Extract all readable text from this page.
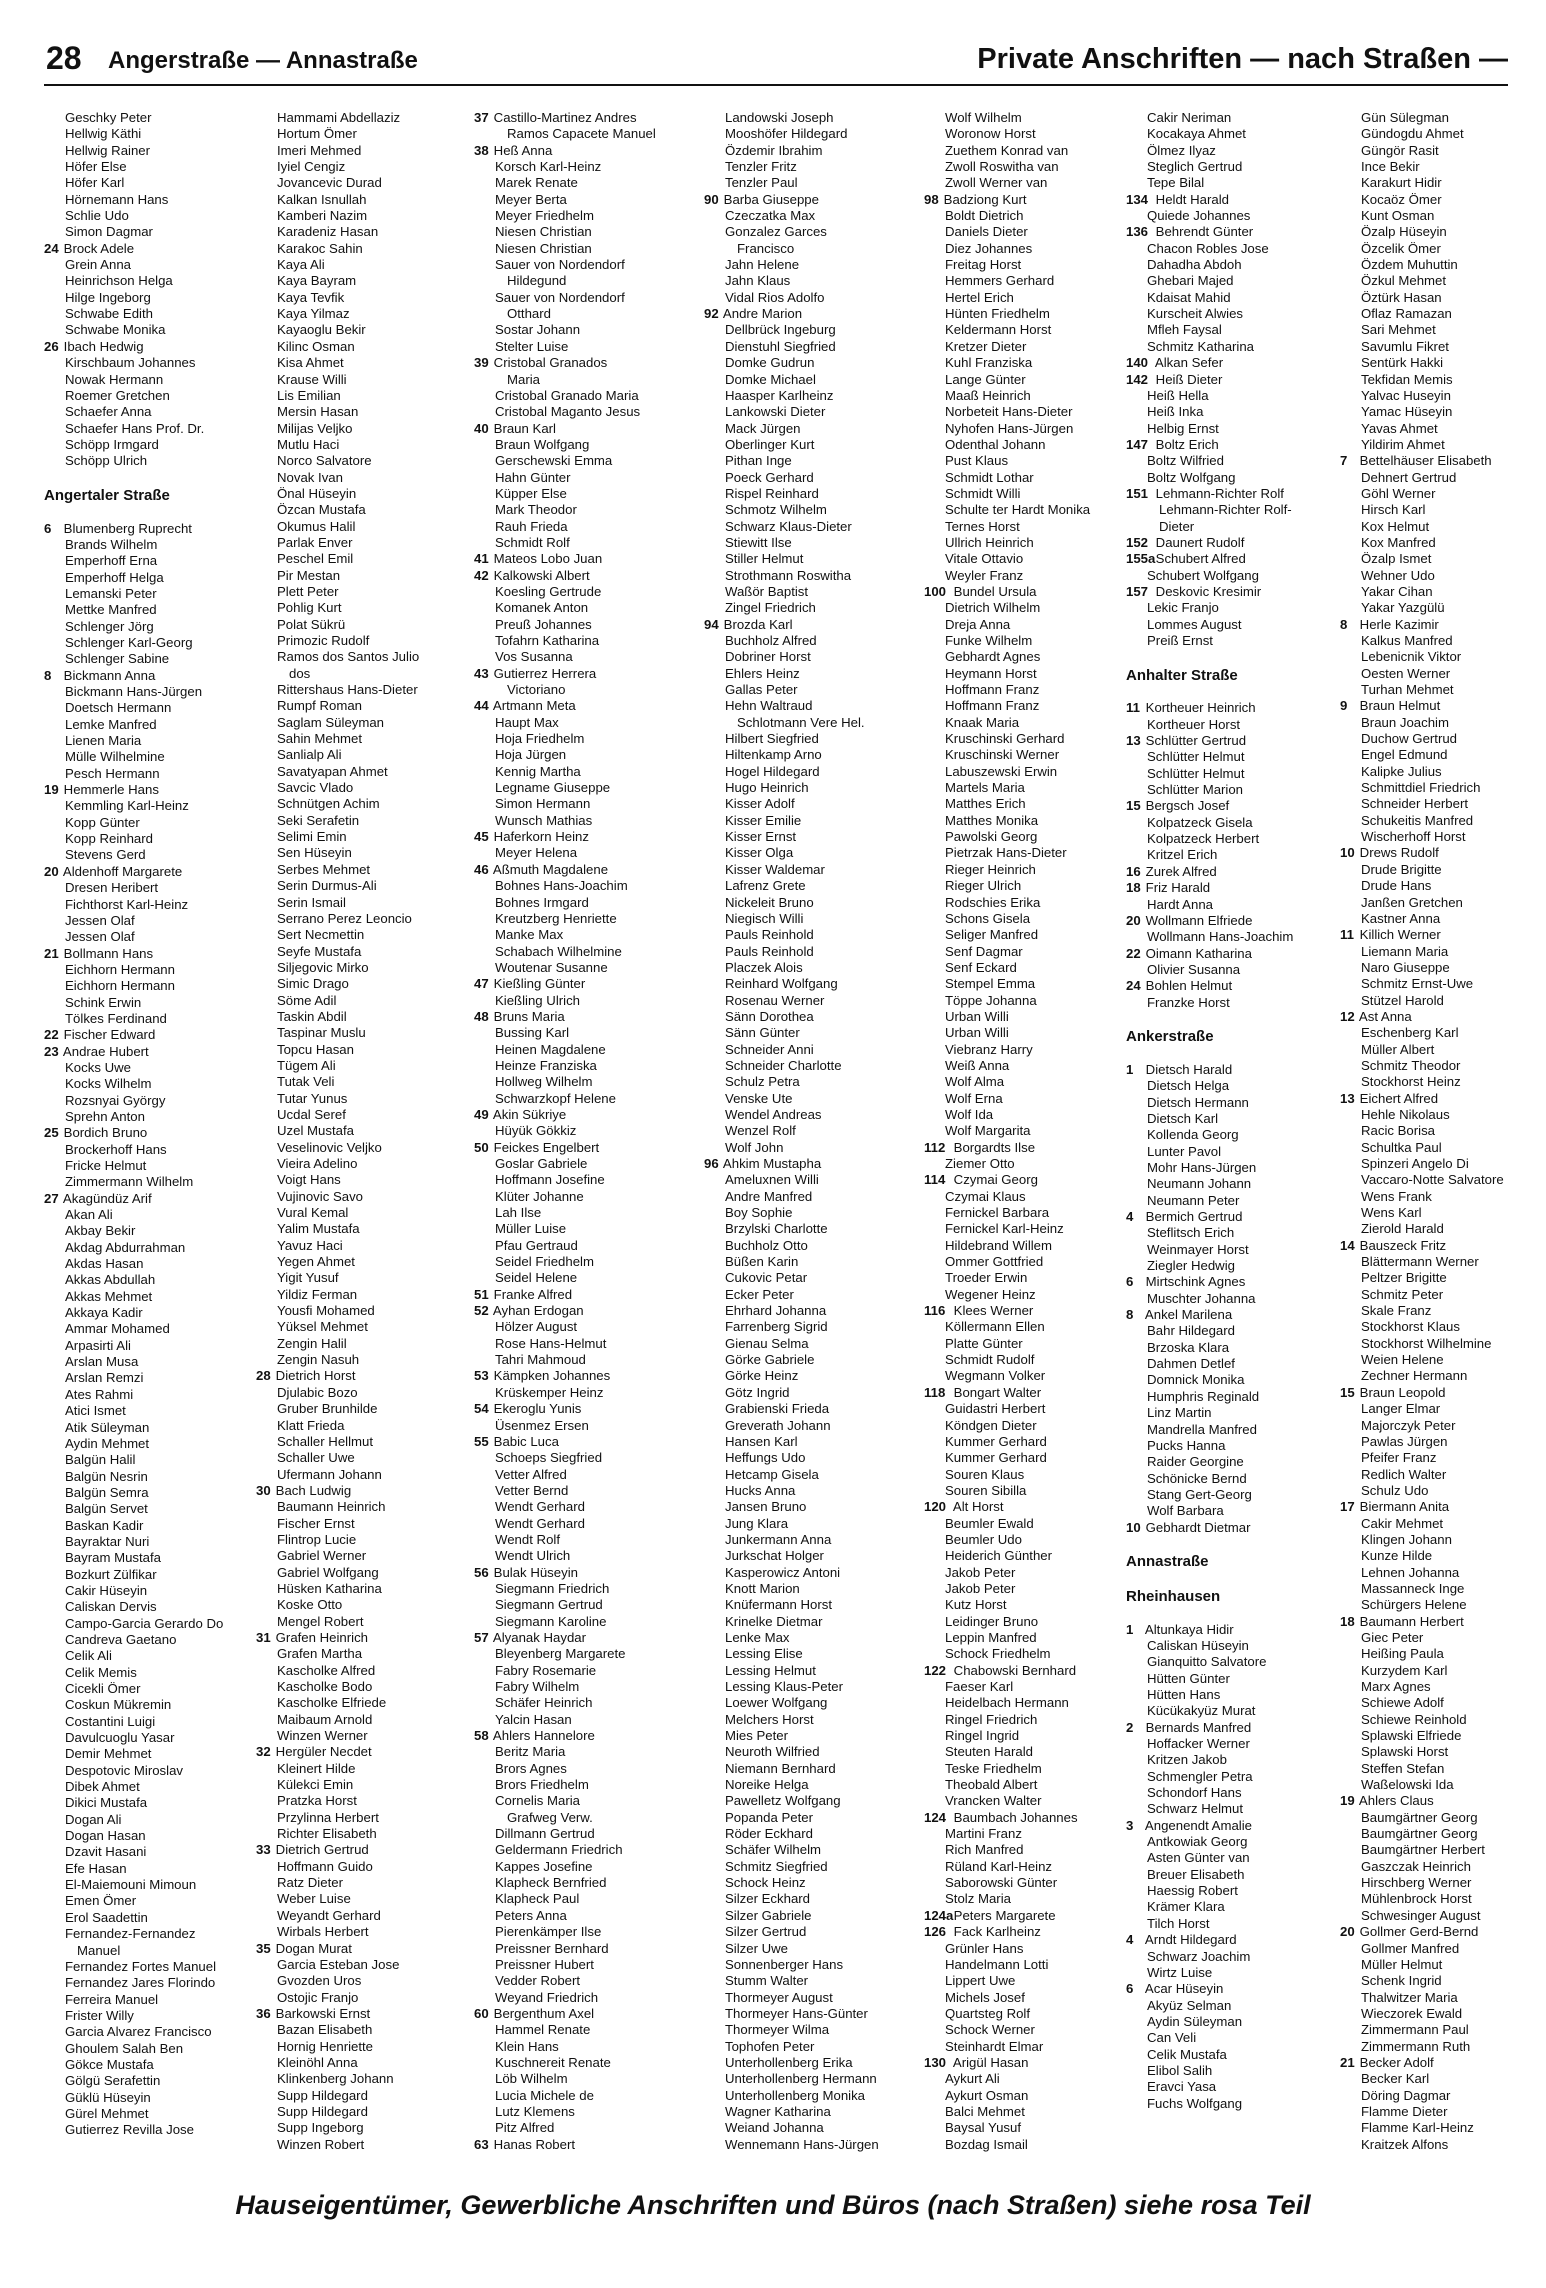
28 Angerstraße — Annastraße	Private Anschriften — nach Straßen —
Geschky Peter
Hellwig Käthi
Hellwig Rainer
Höfer Else
Höfer Karl
Hörnemann Hans
Schlie Udo
Simon Dagmar
24 Brock Adele
Grein Anna
Heinrichson Helga
Hilge Ingeborg
Schwabe Edith
Schwabe Monika
26 Ibach Hedwig
Kirschbaum Johannes
Nowak Hermann
Roemer Gretchen
Schaefer Anna
Schaefer Hans Prof. Dr.
Schöpp Irmgard
Schöpp Ulrich
Angertaler Straße
6 Blumenberg Ruprecht
Brands Wilhelm
Emperhoff Erna
Emperhoff Helga
Lemanski Peter
Mettke Manfred
Schlenger Jörg
Schlenger Karl-Georg
Schlenger Sabine
8 Bickmann Anna
Bickmann Hans-Jürgen
Doetsch Hermann
Lemke Manfred
Lienen Maria
Mülle Wilhelmine
Pesch Hermann
19 Hemmerle Hans
Kemmling Karl-Heinz
Kopp Günter
Kopp Reinhard
Stevens Gerd
20 Aldenhoff Margarete
Dresen Heribert
Fichthorst Karl-Heinz
Jessen Olaf
Jessen Olaf
21 Bollmann Hans
Eichhorn Hermann
Eichhorn Hermann
Schink Erwin
Tölkes Ferdinand
22 Fischer Edward
23 Andrae Hubert
Kocks Uwe
Kocks Wilhelm
Rozsnyai György
Sprehn Anton
25 Bordich Bruno
Brockerhoff Hans
Fricke Helmut
Zimmermann Wilhelm
27 Akagündüz Arif
Akan Ali
Akbay Bekir
Akdag Abdurrahman
Akdas Hasan
Akkas Abdullah
Akkas Mehmet
Akkaya Kadir
Ammar Mohamed
Arpasirti Ali
Arslan Musa
Arslan Remzi
Ates Rahmi
Atici Ismet
Atik Süleyman
Aydin Mehmet
Balgün Halil
Balgün Nesrin
Balgün Semra
Balgün Servet
Baskan Kadir
Bayraktar Nuri
Bayram Mustafa
Bozkurt Zülfikar
Cakir Hüseyin
Caliskan Dervis
Campo-Garcia Gerardo Do
Candreva Gaetano
Celik Ali
Celik Memis
Cicekli Ömer
Coskun Mükremin
Costantini Luigi
Davulcuoglu Yasar
Demir Mehmet
Despotovic Miroslav
Dibek Ahmet
Dikici Mustafa
Dogan Ali
Dogan Hasan
Dzavit Hasani
Efe Hasan
El-Maiemouni Mimoun
Emen Ömer
Erol Saadettin
Fernandez-Fernandez
Manuel
Fernandez Fortes Manuel
Fernandez Jares Florindo
Ferreira Manuel
Frister Willy
Garcia Alvarez Francisco
Ghoulem Salah Ben
Gökce Mustafa
Gölgü Serafettin
Güklü Hüseyin
Gürel Mehmet
Gutierrez Revilla Jose
Hammami Abdellaziz
Hortum Ömer
Imeri Mehmed
Iyiel Cengiz
Jovancevic Durad
Kalkan Isnullah
Kamberi Nazim
Karadeniz Hasan
Karakoc Sahin
Kaya Ali
Kaya Bayram
Kaya Tevfik
Kaya Yilmaz
Kayaoglu Bekir
Kilinc Osman
Kisa Ahmet
Krause Willi
Lis Emilian
Mersin Hasan
Milijas Veljko
Mutlu Haci
Norco Salvatore
Novak Ivan
Önal Hüseyin
Özcan Mustafa
Okumus Halil
Parlak Enver
Peschel Emil
Pir Mestan
Plett Peter
Pohlig Kurt
Polat Sükrü
Primozic Rudolf
Ramos dos Santos Julio
dos
Rittershaus Hans-Dieter
Rumpf Roman
Saglam Süleyman
Sahin Mehmet
Sanlialp Ali
Savatyapan Ahmet
Savcic Vlado
Schnütgen Achim
Seki Serafetin
Selimi Emin
Sen Hüseyin
Serbes Mehmet
Serin Durmus-Ali
Serin Ismail
Serrano Perez Leoncio
Sert Necmettin
Seyfe Mustafa
Siljegovic Mirko
Simic Drago
Söme Adil
Taskin Abdil
Taspinar Muslu
Topcu Hasan
Tügem Ali
Tutak Veli
Tutar Yunus
Ucdal Seref
Uzel Mustafa
Veselinovic Veljko
Vieira Adelino
Voigt Hans
Vujinovic Savo
Vural Kemal
Yalim Mustafa
Yavuz Haci
Yegen Ahmet
Yigit Yusuf
Yildiz Ferman
Yousfi Mohamed
Yüksel Mehmet
Zengin Halil
Zengin Nasuh
28 Dietrich Horst
Djulabic Bozo
Gruber Brunhilde
Klatt Frieda
Schaller Hellmut
Schaller Uwe
Ufermann Johann
30 Bach Ludwig
Baumann Heinrich
Fischer Ernst
Flintrop Lucie
Gabriel Werner
Gabriel Wolfgang
Hüsken Katharina
Koske Otto
Mengel Robert
31 Grafen Heinrich
Grafen Martha
Kascholke Alfred
Kascholke Bodo
Kascholke Elfriede
Maibaum Arnold
Winzen Werner
32 Hergüler Necdet
Kleinert Hilde
Külekci Emin
Pratzka Horst
Przylinna Herbert
Richter Elisabeth
33 Dietrich Gertrud
Hoffmann Guido
Ratz Dieter
Weber Luise
Weyandt Gerhard
Wirbals Herbert
35 Dogan Murat
Garcia Esteban Jose
Gvozden Uros
Ostojic Franjo
36 Barkowski Ernst
Bazan Elisabeth
Hornig Henriette
Kleinöhl Anna
Klinkenberg Johann
Supp Hildegard
Supp Hildegard
Supp Ingeborg
Winzen Robert
37 Castillo-Martinez Andres
Ramos Capacete Manuel
38 Heß Anna
Korsch Karl-Heinz
Marek Renate
Meyer Berta
Meyer Friedhelm
Niesen Christian
Niesen Christian
Sauer von Nordendorf
Hildegund
Sauer von Nordendorf
Otthard
Sostar Johann
Stelter Luise
39 Cristobal Granados
Maria
Cristobal Granado Maria
Cristobal Maganto Jesus
40 Braun Karl
Braun Wolfgang
Gerschewski Emma
Hahn Günter
Küpper Else
Mark Theodor
Rauh Frieda
Schmidt Rolf
41 Mateos Lobo Juan
42 Kalkowski Albert
Koesling Gertrude
Komanek Anton
Preuß Johannes
Tofahrn Katharina
Vos Susanna
43 Gutierrez Herrera
Victoriano
44 Artmann Meta
Haupt Max
Hoja Friedhelm
Hoja Jürgen
Kennig Martha
Legname Giuseppe
Simon Hermann
Wunsch Mathias
45 Haferkorn Heinz
Meyer Helena
46 Aßmuth Magdalene
Bohnes Hans-Joachim
Bohnes Irmgard
Kreutzberg Henriette
Manke Max
Schabach Wilhelmine
Woutenar Susanne
47 Kießling Günter
Kießling Ulrich
48 Bruns Maria
Bussing Karl
Heinen Magdalene
Heinze Franziska
Hollweg Wilhelm
Schwarzkopf Helene
49 Akin Sükriye
Hüyük Gökkiz
50 Feickes Engelbert
Goslar Gabriele
Hoffmann Josefine
Klüter Johanne
Lah Ilse
Müller Luise
Pfau Gertraud
Seidel Friedhelm
Seidel Helene
51 Franke Alfred
52 Ayhan Erdogan
Hölzer August
Rose Hans-Helmut
Tahri Mahmoud
53 Kämpken Johannes
Krüskemper Heinz
54 Ekeroglu Yunis
Üsenmez Ersen
55 Babic Luca
Schoeps Siegfried
Vetter Alfred
Vetter Bernd
Wendt Gerhard
Wendt Gerhard
Wendt Rolf
Wendt Ulrich
56 Bulak Hüseyin
Siegmann Friedrich
Siegmann Gertrud
Siegmann Karoline
57 Alyanak Haydar
Bleyenberg Margarete
Fabry Rosemarie
Fabry Wilhelm
Schäfer Heinrich
Yalcin Hasan
58 Ahlers Hannelore
Beritz Maria
Brors Agnes
Brors Friedhelm
Cornelis Maria
Grafweg Verw.
Dillmann Gertrud
Geldermann Friedrich
Kappes Josefine
Klapheck Bernfried
Klapheck Paul
Peters Anna
Pierenkämper Ilse
Preissner Bernhard
Preissner Hubert
Vedder Robert
Weyand Friedrich
60 Bergenthum Axel
Hammel Renate
Klein Hans
Kuschnereit Renate
Löb Wilhelm
Lucia Michele de
Lutz Klemens
Pitz Alfred
63 Hanas Robert
Landowski Joseph
Mooshöfer Hildegard
Özdemir Ibrahim
Tenzler Fritz
Tenzler Paul
90 Barba Giuseppe
Czeczatka Max
Gonzalez Garces
Francisco
Jahn Helene
Jahn Klaus
Vidal Rios Adolfo
92 Andre Marion
Dellbrück Ingeburg
Dienstuhl Siegfried
Domke Gudrun
Domke Michael
Haasper Karlheinz
Lankowski Dieter
Mack Jürgen
Oberlinger Kurt
Pithan Inge
Poeck Gerhard
Rispel Reinhard
Schmotz Wilhelm
Schwarz Klaus-Dieter
Stiewitt Ilse
Stiller Helmut
Strothmann Roswitha
Waßör Baptist
Zingel Friedrich
94 Brozda Karl
Buchholz Alfred
Dobriner Horst
Ehlers Heinz
Gallas Peter
Hehn Waltraud
Schlotmann Vere Hel.
Hilbert Siegfried
Hiltenkamp Arno
Hogel Hildegard
Hugo Heinrich
Kisser Adolf
Kisser Emilie
Kisser Ernst
Kisser Olga
Kisser Waldemar
Lafrenz Grete
Nickeleit Bruno
Niegisch Willi
Pauls Reinhold
Pauls Reinhold
Placzek Alois
Reinhard Wolfgang
Rosenau Werner
Sänn Dorothea
Sänn Günter
Schneider Anni
Schneider Charlotte
Schulz Petra
Venske Ute
Wendel Andreas
Wenzel Rolf
Wolf John
96 Ahkim Mustapha
Ameluxnen Willi
Andre Manfred
Boy Sophie
Brzylski Charlotte
Buchholz Otto
Büßen Karin
Cukovic Petar
Ecker Peter
Ehrhard Johanna
Farrenberg Sigrid
Gienau Selma
Görke Gabriele
Görke Heinz
Götz Ingrid
Grabienski Frieda
Greverath Johann
Hansen Karl
Heffungs Udo
Hetcamp Gisela
Hucks Anna
Jansen Bruno
Jung Klara
Junkermann Anna
Jurkschat Holger
Kasperowicz Antoni
Knott Marion
Knüfermann Horst
Krinelke Dietmar
Lenke Max
Lessing Elise
Lessing Helmut
Lessing Klaus-Peter
Loewer Wolfgang
Melchers Horst
Mies Peter
Neuroth Wilfried
Niemann Bernhard
Noreike Helga
Pawelletz Wolfgang
Popanda Peter
Röder Eckhard
Schäfer Wilhelm
Schmitz Siegfried
Schock Heinz
Silzer Eckhard
Silzer Gabriele
Silzer Gertrud
Silzer Uwe
Sonnenberger Hans
Stumm Walter
Thormeyer August
Thormeyer Hans-Günter
Thormeyer Wilma
Tophofen Peter
Unterhollenberg Erika
Unterhollenberg Hermann
Unterhollenberg Monika
Wagner Katharina
Weiand Johanna
Wennemann Hans-Jürgen
Wolf Wilhelm
Woronow Horst
Zuethem Konrad van
Zwoll Roswitha van
Zwoll Werner van
98 Badziong Kurt
Boldt Dietrich
Daniels Dieter
Diez Johannes
Freitag Horst
Hemmers Gerhard
Hertel Erich
Hünten Friedhelm
Keldermann Horst
Kretzer Dieter
Kuhl Franziska
Lange Günter
Maaß Heinrich
Norbeteit Hans-Dieter
Nyhofen Hans-Jürgen
Odenthal Johann
Pust Klaus
Schmidt Lothar
Schmidt Willi
Schulte ter Hardt Monika
Ternes Horst
Ullrich Heinrich
Vitale Ottavio
Weyler Franz
100 Bundel Ursula
Dietrich Wilhelm
Dreja Anna
Funke Wilhelm
Gebhardt Agnes
Heymann Horst
Hoffmann Franz
Hoffmann Franz
Knaak Maria
Kruschinski Gerhard
Kruschinski Werner
Labuszewski Erwin
Martels Maria
Matthes Erich
Matthes Monika
Pawolski Georg
Pietrzak Hans-Dieter
Rieger Heinrich
Rieger Ulrich
Rodschies Erika
Schons Gisela
Seliger Manfred
Senf Dagmar
Senf Eckard
Stempel Emma
Töppe Johanna
Urban Willi
Urban Willi
Viebranz Harry
Weiß Anna
Wolf Alma
Wolf Erna
Wolf Ida
Wolf Margarita
112 Borgardts Ilse
Ziemer Otto
114 Czymai Georg
Czymai Klaus
Fernickel Barbara
Fernickel Karl-Heinz
Hildebrand Willem
Ommer Gottfried
Troeder Erwin
Wegener Heinz
116 Klees Werner
Köllermann Ellen
Platte Günter
Schmidt Rudolf
Wegmann Volker
118 Bongart Walter
Guidastri Herbert
Köndgen Dieter
Kummer Gerhard
Kummer Gerhard
Souren Klaus
Souren Sibilla
120 Alt Horst
Beumler Ewald
Beumler Udo
Heiderich Günther
Jakob Peter
Jakob Peter
Kutz Horst
Leidinger Bruno
Leppin Manfred
Schock Friedhelm
122 Chabowski Bernhard
Faeser Karl
Heidelbach Hermann
Ringel Friedrich
Ringel Ingrid
Steuten Harald
Teske Friedhelm
Theobald Albert
Vrancken Walter
124 Baumbach Johannes
Martini Franz
Rich Manfred
Rüland Karl-Heinz
Saborowski Günter
Stolz Maria
124a Peters Margarete
126 Fack Karlheinz
Grünler Hans
Handelmann Lotti
Lippert Uwe
Michels Josef
Quartsteg Rolf
Schock Werner
Steinhardt Elmar
130 Arigül Hasan
Aykurt Ali
Aykurt Osman
Balci Mehmet
Baysal Yusuf
Bozdag Ismail
Cakir Neriman
Kocakaya Ahmet
Ölmez Ilyaz
Steglich Gertrud
Tepe Bilal
134 Heldt Harald
Quiede Johannes
136 Behrendt Günter
Chacon Robles Jose
Dahadha Abdoh
Ghebari Majed
Kdaisat Mahid
Kurscheit Alwies
Mfleh Faysal
Schmitz Katharina
140 Alkan Sefer
142 Heiß Dieter
Heiß Hella
Heiß Inka
Helbig Ernst
147 Boltz Erich
Boltz Wilfried
Boltz Wolfgang
151 Lehmann-Richter Rolf
Lehmann-Richter Rolf-
Dieter
152 Daunert Rudolf
155a Schubert Alfred
Schubert Wolfgang
157 Deskovic Kresimir
Lekic Franjo
Lommes August
Preiß Ernst
Anhalter Straße
11 Kortheuer Heinrich
Kortheuer Horst
13 Schlütter Gertrud
Schlütter Helmut
Schlütter Helmut
Schlütter Marion
15 Bergsch Josef
Kolpatzeck Gisela
Kolpatzeck Herbert
Kritzel Erich
16 Zurek Alfred
18 Friz Harald
Hardt Anna
20 Wollmann Elfriede
Wollmann Hans-Joachim
22 Oimann Katharina
Olivier Susanna
24 Bohlen Helmut
Franzke Horst
Ankerstraße
1 Dietsch Harald
Dietsch Helga
Dietsch Hermann
Dietsch Karl
Kollenda Georg
Lunter Pavol
Mohr Hans-Jürgen
Neumann Johann
Neumann Peter
4 Bermich Gertrud
Steflitsch Erich
Weinmayer Horst
Ziegler Hedwig
6 Mirtschink Agnes
Muschter Johanna
8 Ankel Marilena
Bahr Hildegard
Brzoska Klara
Dahmen Detlef
Domnick Monika
Humphris Reginald
Linz Martin
Mandrella Manfred
Pucks Hanna
Raider Georgine
Schönicke Bernd
Stang Gert-Georg
Wolf Barbara
10 Gebhardt Dietmar
Annastraße
Rheinhausen
1 Altunkaya Hidir
Caliskan Hüseyin
Gianquitto Salvatore
Hütten Günter
Hütten Hans
Kücükakyüz Murat
2 Bernards Manfred
Hoffacker Werner
Kritzen Jakob
Schmengler Petra
Schondorf Hans
Schwarz Helmut
3 Angenendt Amalie
Antkowiak Georg
Asten Günter van
Breuer Elisabeth
Haessig Robert
Krämer Klara
Tilch Horst
4 Arndt Hildegard
Schwarz Joachim
Wirtz Luise
6 Acar Hüseyin
Akyüz Selman
Aydin Süleyman
Can Veli
Celik Mustafa
Elibol Salih
Eravci Yasa
Fuchs Wolfgang
Gün Sülegman
Gündogdu Ahmet
Güngör Rasit
Ince Bekir
Karakurt Hidir
Kocaöz Ömer
Kunt Osman
Özalp Hüseyin
Özcelik Ömer
Özdem Muhuttin
Özkul Mehmet
Öztürk Hasan
Oflaz Ramazan
Sari Mehmet
Savumlu Fikret
Sentürk Hakki
Tekfidan Memis
Yalvac Huseyin
Yamac Hüseyin
Yavas Ahmet
Yildirim Ahmet
7 Bettelhäuser Elisabeth
Dehnert Gertrud
Göhl Werner
Hirsch Karl
Kox Helmut
Kox Manfred
Özalp Ismet
Wehner Udo
Yakar Cihan
Yakar Yazgülü
8 Herle Kazimir
Kalkus Manfred
Lebenicnik Viktor
Oesten Werner
Turhan Mehmet
9 Braun Helmut
Braun Joachim
Duchow Gertrud
Engel Edmund
Kalipke Julius
Schmittdiel Friedrich
Schneider Herbert
Schukeitis Manfred
Wischerhoff Horst
10 Drews Rudolf
Drude Brigitte
Drude Hans
Janßen Gretchen
Kastner Anna
11 Killich Werner
Liemann Maria
Naro Giuseppe
Schmitz Ernst-Uwe
Stützel Harold
12 Ast Anna
Eschenberg Karl
Müller Albert
Schmitz Theodor
Stockhorst Heinz
13 Eichert Alfred
Hehle Nikolaus
Racic Borisa
Schultka Paul
Spinzeri Angelo Di
Vaccaro-Notte Salvatore
Wens Frank
Wens Karl
Zierold Harald
14 Bauszeck Fritz
Blättermann Werner
Peltzer Brigitte
Schmitz Peter
Skale Franz
Stockhorst Klaus
Stockhorst Wilhelmine
Weien Helene
Zechner Hermann
15 Braun Leopold
Langer Elmar
Majorczyk Peter
Pawlas Jürgen
Pfeifer Franz
Redlich Walter
Schulz Udo
17 Biermann Anita
Cakir Mehmet
Klingen Johann
Kunze Hilde
Lehnen Johanna
Massanneck Inge
Schürgers Helene
18 Baumann Herbert
Giec Peter
Heißing Paula
Kurzydem Karl
Marx Agnes
Schiewe Adolf
Schiewe Reinhold
Splawski Elfriede
Splawski Horst
Steffen Stefan
Waßelowski Ida
19 Ahlers Claus
Baumgärtner Georg
Baumgärtner Georg
Baumgärtner Herbert
Gaszczak Heinrich
Hirschberg Werner
Mühlenbrock Horst
Schwesinger August
20 Gollmer Gerd-Bernd
Gollmer Manfred
Müller Helmut
Schenk Ingrid
Thalwitzer Maria
Wieczorek Ewald
Zimmermann Paul
Zimmermann Ruth
21 Becker Adolf
Becker Karl
Döring Dagmar
Flamme Dieter
Flamme Karl-Heinz
Kraitzek Alfons
Hauseigentümer, Gewerbliche Anschriften und Büros (nach Straßen) siehe rosa Teil
